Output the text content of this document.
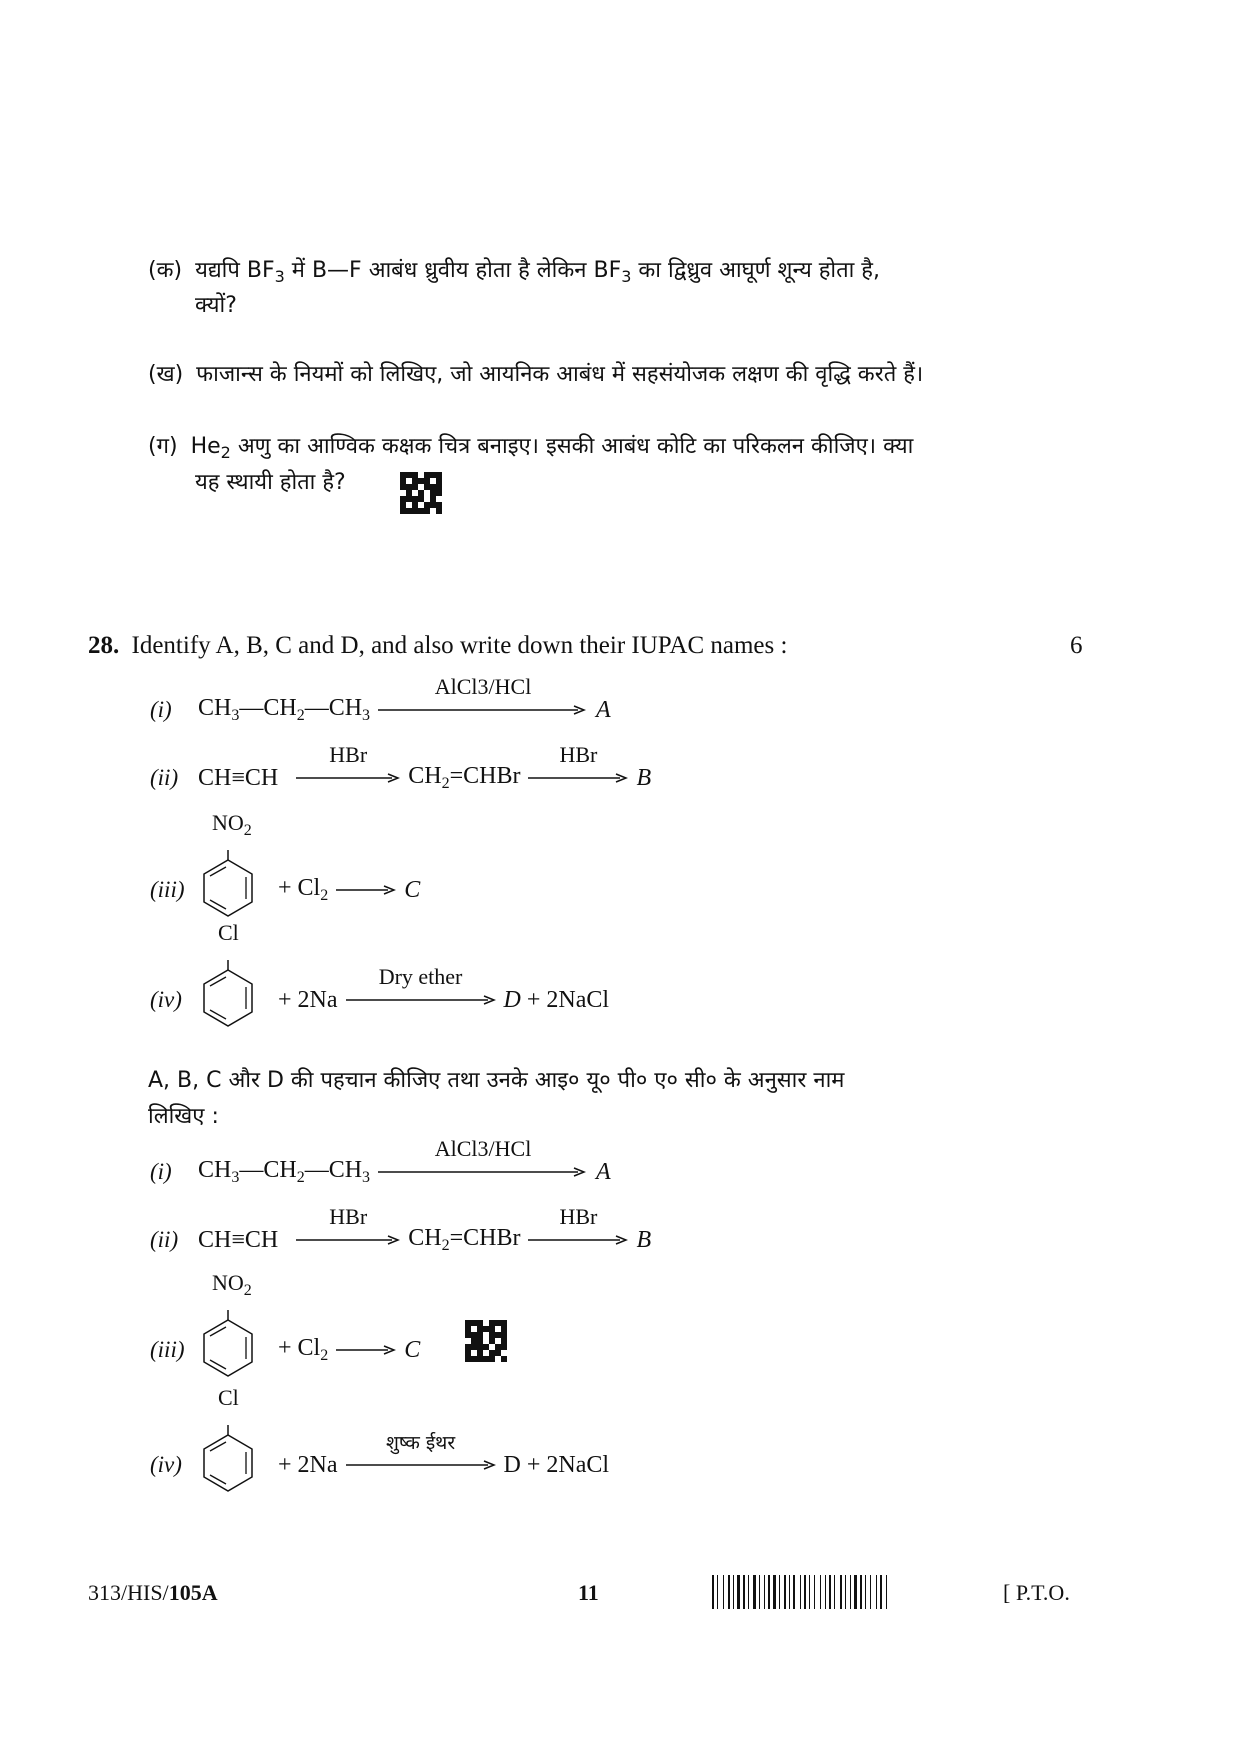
(क) यद्यपि $BF_3$ में B—F आबंध ध्रुवीय होता है लेकिन $BF_3$ का द्विध्रुव आघूर्ण शून्य होता है,
क्यों?
(ख) फाजान्स के नियमों को लिखिए, जो आयनिक आबंध में सहसंयोजक लक्षण की वृद्धि करते हैं।
(ग) $He_2$ अणु का आण्विक कक्षक चित्र बनाइए। इसकी आबंध कोटि का परिकलन कीजिए। क्या
यह स्थायी होता है?
28. Identify A, B, C and D, and also write down their IUPAC names :	6
(i)	$CH_3—CH_2—CH_3$
AlCl3/HCl
A
(ii) CH≡CH
HBr
$CH_2=CHBr$
HBr
B
(iii)
$NO_2$
+ $Cl_2$	C
(iv)
Cl
+ 2Na
Dry ether
D + 2NaCl
A, B, C और D की पहचान कीजिए तथा उनके आइ० यू० पी० ए० सी० के अनुसार नाम
लिखिए :
(i)	$CH_3—CH_2—CH_3$
AlCl3/HCl
A
(ii) CH≡CH
HBr
$CH_2=CHBr$
HBr
B
(iii)
$NO_2$
+ $Cl_2$	C
(iv)
Cl
+ 2Na
शुष्क ईथर
D + 2NaCl
313/HIS/105A	11	[ P.T.O.
